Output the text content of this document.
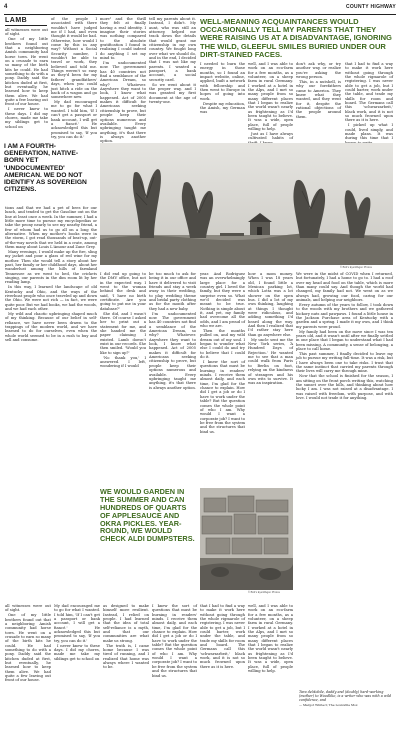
4	COUNTY HIGHWAY
LAMB	WELL-MEANING ACQUAINTANCES WOULD OCCASIONALLY TELL MY PARENTS THAT THEY WERE RAISING US AT A DISADVANTAGE, IGNORING THE WILD, GLEEFUL SMILES BURIED UNDER OUR DIRT-STAINED FACES.

all witnesses were out of sight.

One of my little brothers found out that a neighboring Amish community had horse tows. He went on a crusade to earn so many of the birth kits he could. He had something to do with a pony. Daddy said the kitchen duded at first, but eventually, he learned how to keep them alive. We had quite a few leaving out front of our house.

I never knew to these days. I did my chores, made me take my siblings get to school on

of the people I associated with there wouldn't have judged me if I had, and even thought it would be bad. Otherwise, how would I come by this in any way? Without a Social Security number, I wouldn't be able to travel or work, they believed and told me. Things weren't so easy as they'd been for my fathers' grandfathers' days, when you could just hitch a ride on the back of a wagon and go somewhere new.

My dad encouraged me to go for what I wanted. I told him, 'If I can't get a passport or bank account, I will get a fiancé.' He acknowledged this but promised to say, 'If you try, you can do it.'

more" and the thrill they felt at finally having a real identity. I imagine their stories was nothing compared to the absolute gratification I found in realizing I could indeed do anything I set my mind to.

I'm undocumented now. The government has 40 countries not find a semblance of the American Dream, so why? Whatever. Anywhere they want to look, I know what happened. Act of 2005 makes it difficult for Americans seeking citizenship to prove, but people keep their options numerous and available. Every upbringing taught me anything, it's that there is always another option.

tell my parents about it. Instead, I didn't. My aunt, who was still an attorney, helped me track down the details that would grant me citizenship in my own country. We fought long over what we should do, and in the end, I decided that I was not like my parents. I wanted a passport, a bank account, a social security card.

So we went about it the proper way, and I was granted my first document at the age of twenty-one.

I needed to burn the energy in those months, so I found an impact website, online, applied, built a network with fellowship and then went to Europe in hopes of going into work.

Despite my education, the Amish, my German was

well, and I was able to work on an eco-farm for a few months, as a volunteer, on a sheep farm in rural Germany. I worked at a hotel in the Alps, and I met so many people from so many different places that I began to realize the world wasn't nearly as frightening as I'd been taught to believe. It was a wide, open place, full of people willing to help.

Just as I have always cultivated habits of

don't ask why, or try another way, or realize you're asking the wrong person.

This, in a nutshell, is why our forefathers came to America. They knew what they wanted, and they went for it, despite the rational objections of the people around them.

that I had to find a way to make it work here without going through the whole rigmarole of registering. I was never able to get a job, but I could barter, work under the table, and trade my skills for room and board. The Germans call this 'schwarzarbeit,' black work, and it is not so much frowned upon there as it is here.

I picked up what I could, lived simply, and made plans. It was during this time that I

I AM A FOURTH-GENERATION, NATIVE-BORN YET 'UNDOCUMENTED' AMERICAN. WE DO NOT IDENTIFY AS SOVEREIGN CITIZENS.

tions and that we had a pet of bees for our lunch, and tended to get the Gasoline out on the line at least once a week. In the summer, I had a little more time to pursue my encyclopedias or take the peony nearly to see my nearby friend, a few of whom had us to go all on a long the alternative. When my mother's books were in the storm, I got read thousands of beat-up, out-of-the-way novels that we held in a crate, among them many about Louis L'Amour and Zane Grey.

Many evenings, I would make up the fire, sling my jacket and pour a glass of red wine for my mother. Then she would tell a story about her past, her family or her childhood days, about her wanderlust among the hills of farmland Tennessee as we went to bed, the crickets singing, our parents in the dim room lit by her reading lamp.

In this way, I learned the landscape of old Kentucky and Ohio, and the ways of the riverboat people who once traveled up and down the Ohio. We were not rich — in fact, we were quite poor. But we had books, we had the woods, and we had each other.

My wild and chaotic upbringing shaped much of my thinking. Because of our belief in self-reliance, we have never been drawn to the trappings of the modern world, and we have learned to do for ourselves, even when the whole world seemed to be in a rush to buy and sell and consume.

© Bird's Eye/Wagon Photos

I did end up going to the DMV office, but not in the expected way. I went to the woman behind the desk and said, 'I have no birth certificate. Are you going to put me in your database?'

She did, and I wasn't there. Of course I asked her to print out a statement for me, and she handed me the paper claiming I existed. Lamb doesn't exist in our records. She then smiled. 'Would you like to sign up?'

'No thank you,' I answered. I left, wondering if I would

be too much to ask for being it in our office and have it delivered to visit friends and stay a week away in their wedding, to play wedding theme and bridal party clothing as for the month after they had a new baby.

I'm undocumented now. The government has 40 countries not find a semblance of the American Dream, so why? Whatever. Anywhere they want to look, I know what happened. Act of 2005 makes it difficult for Americans seeking citizenship to prove, but people keep their options numerous and available. Every upbringing taught me anything, it's that there is always another option.

year. And Rodriguez was an overwhelmingly large place for a country girl. I loved the family, but they were a surprise even so. What we'd decided was meant to be true. Nothing is simple about it, and yet, my family had overcome all the odds, and I am proud of who we are.

Then the months pulled on, and my wild dream out of my soul. I began to wonder what else I could do and try to believe that I could do it.

I knew the sort of questions that must be burning in readers' minds. I receive them almost daily, and each time, I'm glad for the chance to explain. How did I get a job or do I have to work under the table? But the question comes the whole point of who I am. Why would I want a corporate job? I want to be free from the system and the structures that bind us.

how a mom money. When I was 18 years old, I found little a Mexican parking lot, which Lotta was a lot shower on the open bus. I did a lot of my own thinking, laughing at things I thought were ridiculous, and adding something I'd heard along the way. And then I realized that I'd rather stay here than go anywhere else.

My uncle sent me the New York series, ‘A Hundred Days of Rejection.’ He wanted me to see that a man could walk from Paris to Berlin on foot, relying on the kindness of strangers and his own wits to survive. It was an inspiration.

We were in the midst of COVID when I returned, but fortunately, I had a home to go to. I had a roof over my head and food on the table, which is more than many could say. And though the world had changed, my family had not. We went on as we always had, growing our food, caring for our animals, and helping our neighbors.

Every autumn of the years to follow, I took down to the woods with my brothers and we gathered hickory nuts and pawpaws. I found a little house in the Jackson Purchase area of Kentucky with a garden and a spring. I made it my own, and I think my parents were proud.

My family had been on the move since I was ten years old, and it wasn't until after we finally settled in one place that I began to understand what I had been missing. A community, a sense of belonging, a place to call home.

This past summer, I finally decided to leave my job to pursue my writing full-time. It was a risk, but I have always been one to take risks. I trust that the same instinct that carried my parents through their lives will carry me through mine.

Now that the school is finished for the season, I am sitting on the front porch writing this, watching the sunset over the hills, and thinking about how lucky I am. I was not raised at a disadvantage. I was raised with freedom, with purpose, and with love. I would not trade it for anything.

WE WOULD GARDEN IN THE SUMMER AND CAN HUNDREDS OF QUARTS OF APPLESAUCE AND OKRA PICKLES. YEAR-ROUND, WE WOULD CHECK ALDI DUMPSTERS.
© Bird's Eye/Wagon Photos

all witnesses were out of sight.

One of my little brothers found out that a neighboring Amish community had horse tows. He went on a crusade to earn so many of the birth kits he could. He had something to do with a pony. Daddy said the kitchen duded at first, but eventually, he learned how to keep them alive. We had quite a few leaving out front of our house.

My dad encouraged me to go for what I wanted. I told him, 'If I can't get a passport or bank account, I will get a fiancé.' He acknowledged this but promised to say, 'If you try, you can do it.'

I never knew to these days. I did my chores, made me take my siblings get to school on

as designed to make himself more resilient. Instead, I relied on people. I had learned that the idea of total self-reliance is a myth, and that our communities are what make us strong.

The truth is, I came home because I was tired of running, and I realized that home was always where I wanted to be.

I knew the sort of questions that must be burning in readers' minds. I receive them almost daily, and each time, I'm glad for the chance to explain. How did I get a job or do I have to work under the table? But the question comes the whole point of who I am. Why would I want a corporate job? I want to be free from the system and the structures that bind us.

that I had to find a way to make it work here without going through the whole rigmarole of registering. I was never able to get a job, but I could barter, work under the table, and trade my skills for room and board. The Germans call this 'schwarzarbeit,' black work, and it is not so much frowned upon there as it is here.

well, and I was able to work on an eco-farm for a few months, as a volunteer, on a sheep farm in rural Germany. I worked at a hotel in the Alps, and I met so many people from so many different places that I began to realize the world wasn't nearly as frightening as I'd been taught to believe. It was a wide, open place, full of people willing to help.

Tara deMobile, daddy and (doubly) hard-working (mother) to Woodlike, is a writer who was with a wild confidence, and
— Margot Whitecr, The Louisville Mox
